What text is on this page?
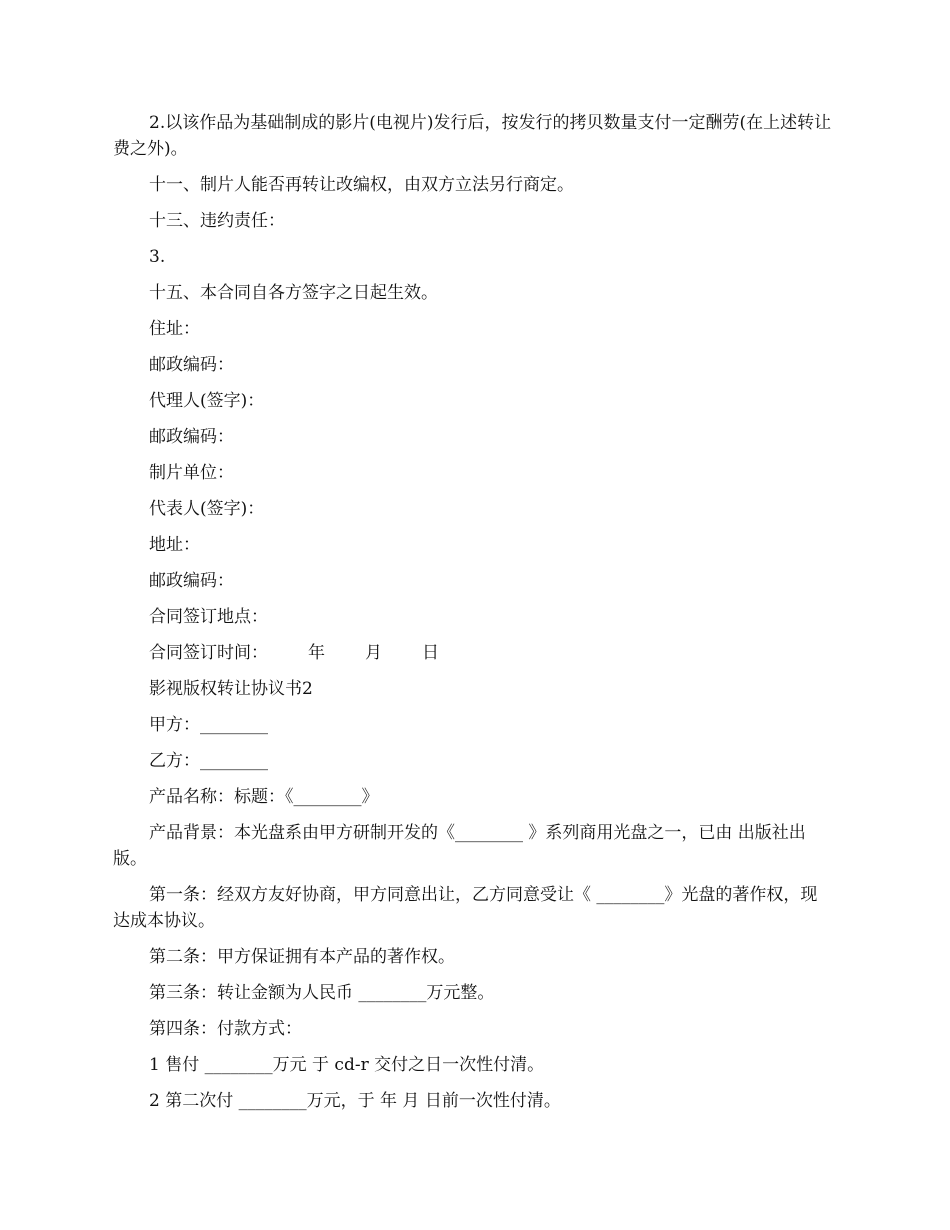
2.以该作品为基础制成的影片(电视片)发行后，按发行的拷贝数量支付一定酬劳(在上述转让费之外)。

十一、制片人能否再转让改编权，由双方立法另行商定。

十三、违约责任：

3.

十五、本合同自各方签字之日起生效。

住址：

邮政编码：

代理人(签字)：

邮政编码：

制片单位：

代表人(签字)：

地址：

邮政编码：

合同签订地点：

合同签订时间： 年 月 日

影视版权转让协议书2

甲方：________

乙方：________

产品名称：标题：《________》

产品背景：本光盘系由甲方研制开发的《________ 》系列商用光盘之一，已由 出版社出版。

第一条：经双方友好协商，甲方同意出让，乙方同意受让《 ________》光盘的著作权，现达成本协议。

第二条：甲方保证拥有本产品的著作权。

第三条：转让金额为人民币 ________万元整。

第四条：付款方式：

1 售付 ________万元 于 cd-r 交付之日一次性付清。

2 第二次付 ________万元，于 年 月 日前一次性付清。
